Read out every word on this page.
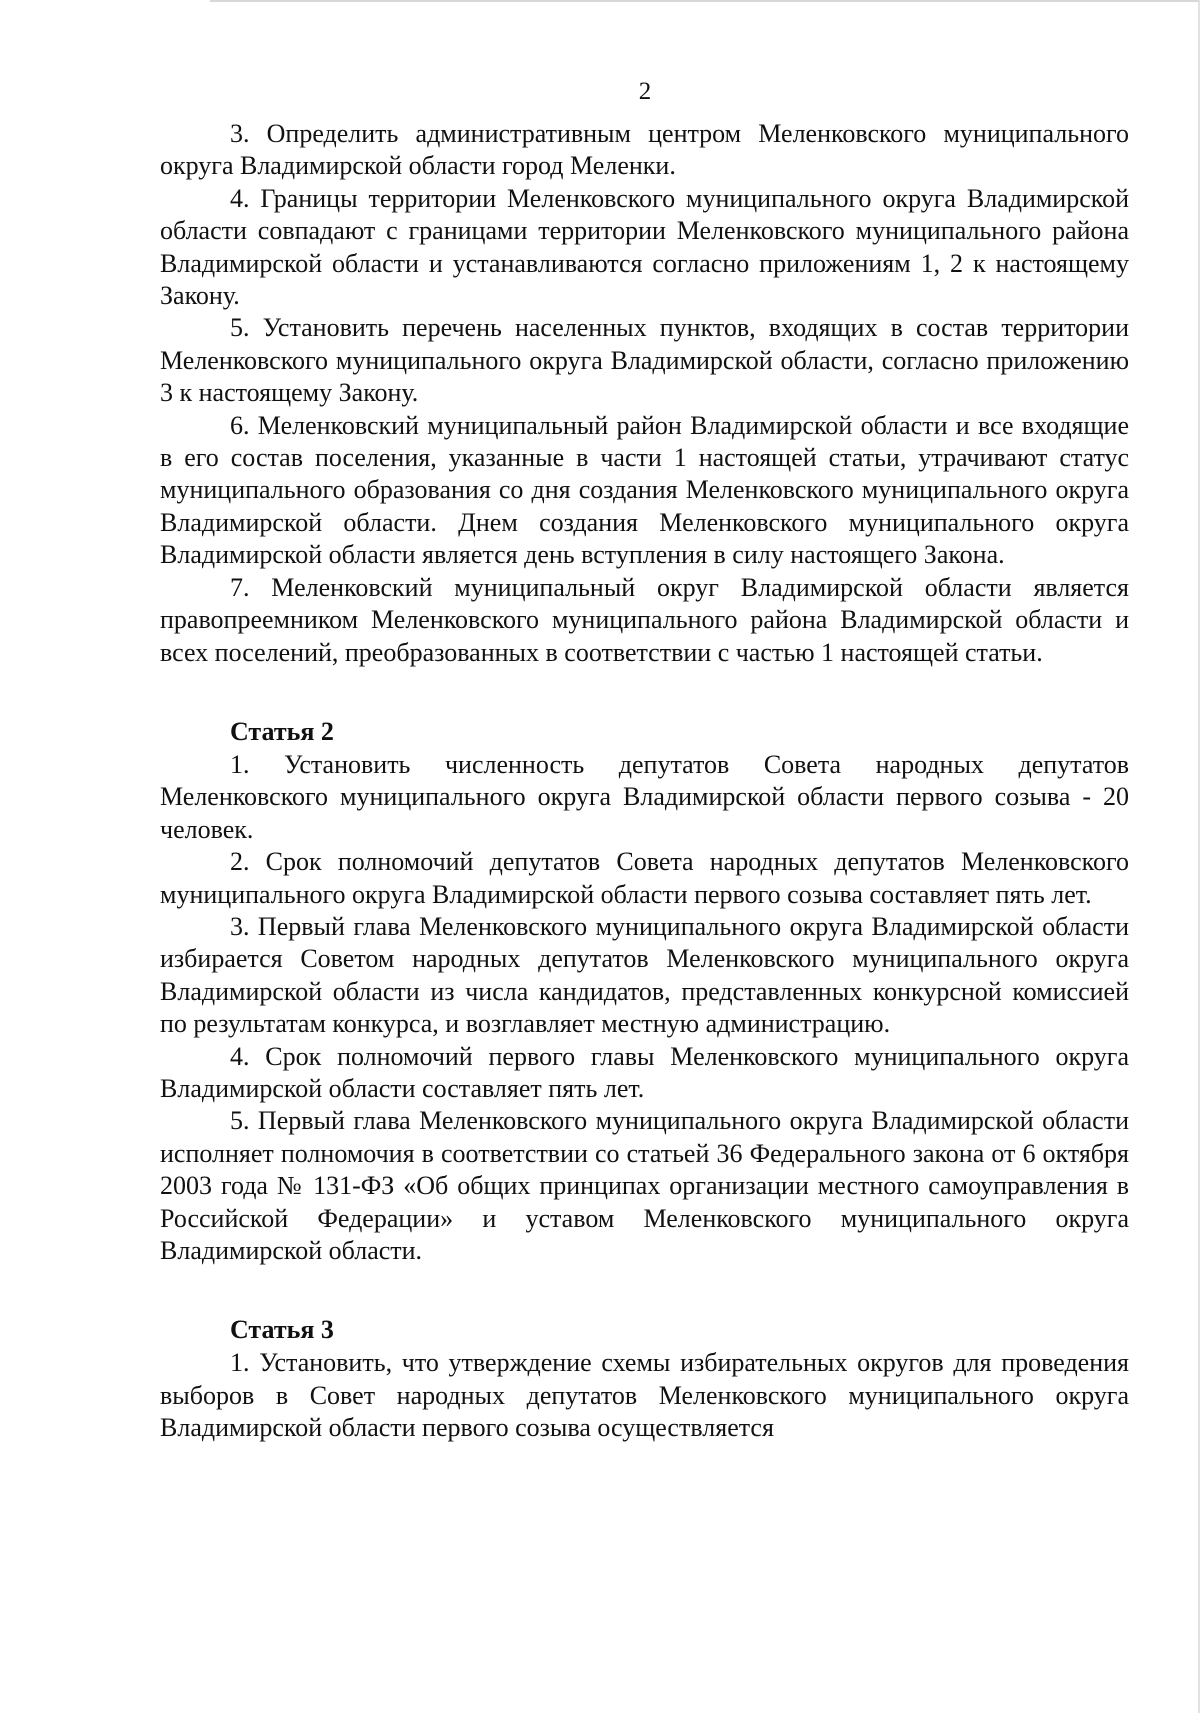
2

3. Определить административным центром Меленковского муниципального округа Владимирской области город Меленки.

4. Границы территории Меленковского муниципального округа Владимирской области совпадают с границами территории Меленковского муниципального района Владимирской области и устанавливаются согласно приложениям 1, 2 к настоящему Закону.

5. Установить перечень населенных пунктов, входящих в состав территории Меленковского муниципального округа Владимирской области, согласно приложению 3 к настоящему Закону.

6. Меленковский муниципальный район Владимирской области и все входящие в его состав поселения, указанные в части 1 настоящей статьи, утрачивают статус муниципального образования со дня создания Меленковского муниципального округа Владимирской области. Днем создания Меленковского муниципального округа Владимирской области является день вступления в силу настоящего Закона.

7. Меленковский муниципальный округ Владимирской области является правопреемником Меленковского муниципального района Владимирской области и всех поселений, преобразованных в соответствии с частью 1 настоящей статьи.

Статья 2

1. Установить численность депутатов Совета народных депутатов Меленковского муниципального округа Владимирской области первого созыва - 20 человек.

2. Срок полномочий депутатов Совета народных депутатов Меленковского муниципального округа Владимирской области первого созыва составляет пять лет.

3. Первый глава Меленковского муниципального округа Владимирской области избирается Советом народных депутатов Меленковского муниципального округа Владимирской области из числа кандидатов, представленных конкурсной комиссией по результатам конкурса, и возглавляет местную администрацию.

4. Срок полномочий первого главы Меленковского муниципального округа Владимирской области составляет пять лет.

5. Первый глава Меленковского муниципального округа Владимирской области исполняет полномочия в соответствии со статьей 36 Федерального закона от 6 октября 2003 года № 131-ФЗ «Об общих принципах организации местного самоуправления в Российской Федерации» и уставом Меленковского муниципального округа Владимирской области.

Статья 3

1. Установить, что утверждение схемы избирательных округов для проведения выборов в Совет народных депутатов Меленковского муниципального округа Владимирской области первого созыва осуществляется
